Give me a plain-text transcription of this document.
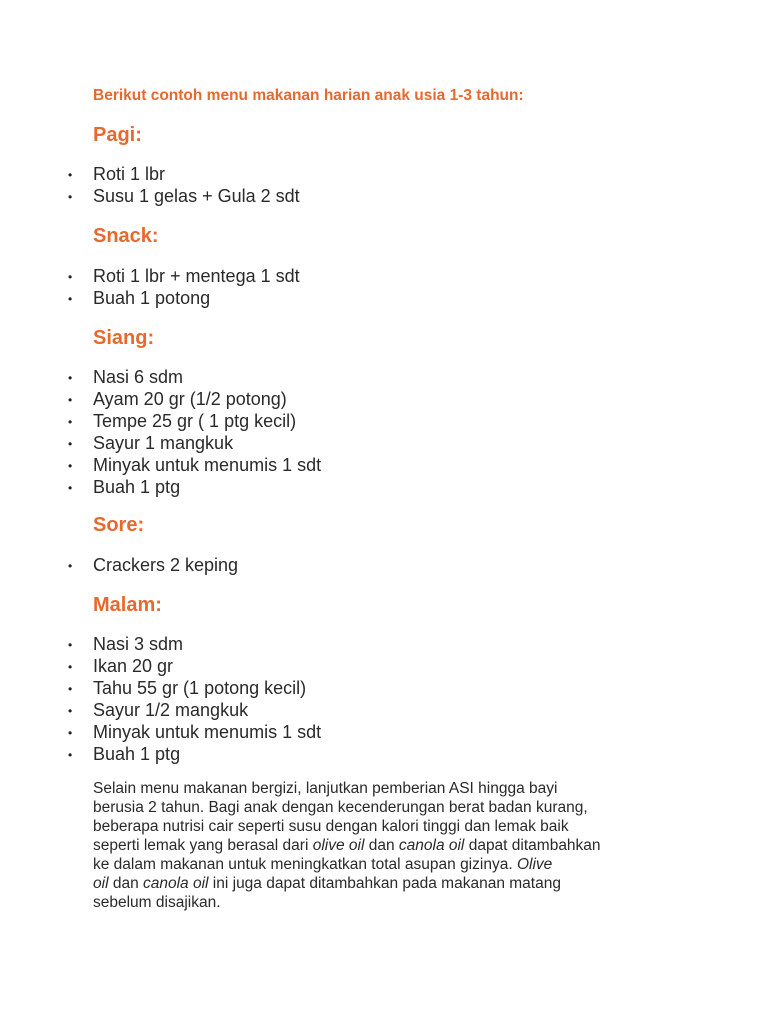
Berikut contoh menu makanan harian anak usia 1-3 tahun:

Pagi:
• Roti 1 lbr
• Susu 1 gelas + Gula 2 sdt
Snack:
• Roti 1 lbr + mentega 1 sdt
• Buah 1 potong
Siang:
• Nasi 6 sdm
• Ayam 20 gr (1/2 potong)
• Tempe 25 gr ( 1 ptg kecil)
• Sayur 1 mangkuk
• Minyak untuk menumis 1 sdt
• Buah 1 ptg
Sore:
• Crackers 2 keping
Malam:
• Nasi 3 sdm
• Ikan 20 gr
• Tahu 55 gr (1 potong kecil)
• Sayur 1/2 mangkuk
• Minyak untuk menumis 1 sdt
• Buah 1 ptg

Selain menu makanan bergizi, lanjutkan pemberian ASI hingga bayi
berusia 2 tahun. Bagi anak dengan kecenderungan berat badan kurang,
beberapa nutrisi cair seperti susu dengan kalori tinggi dan lemak baik
seperti lemak yang berasal dari olive oil dan canola oil dapat ditambahkan
ke dalam makanan untuk meningkatkan total asupan gizinya. Olive
oil dan canola oil ini juga dapat ditambahkan pada makanan matang
sebelum disajikan.
